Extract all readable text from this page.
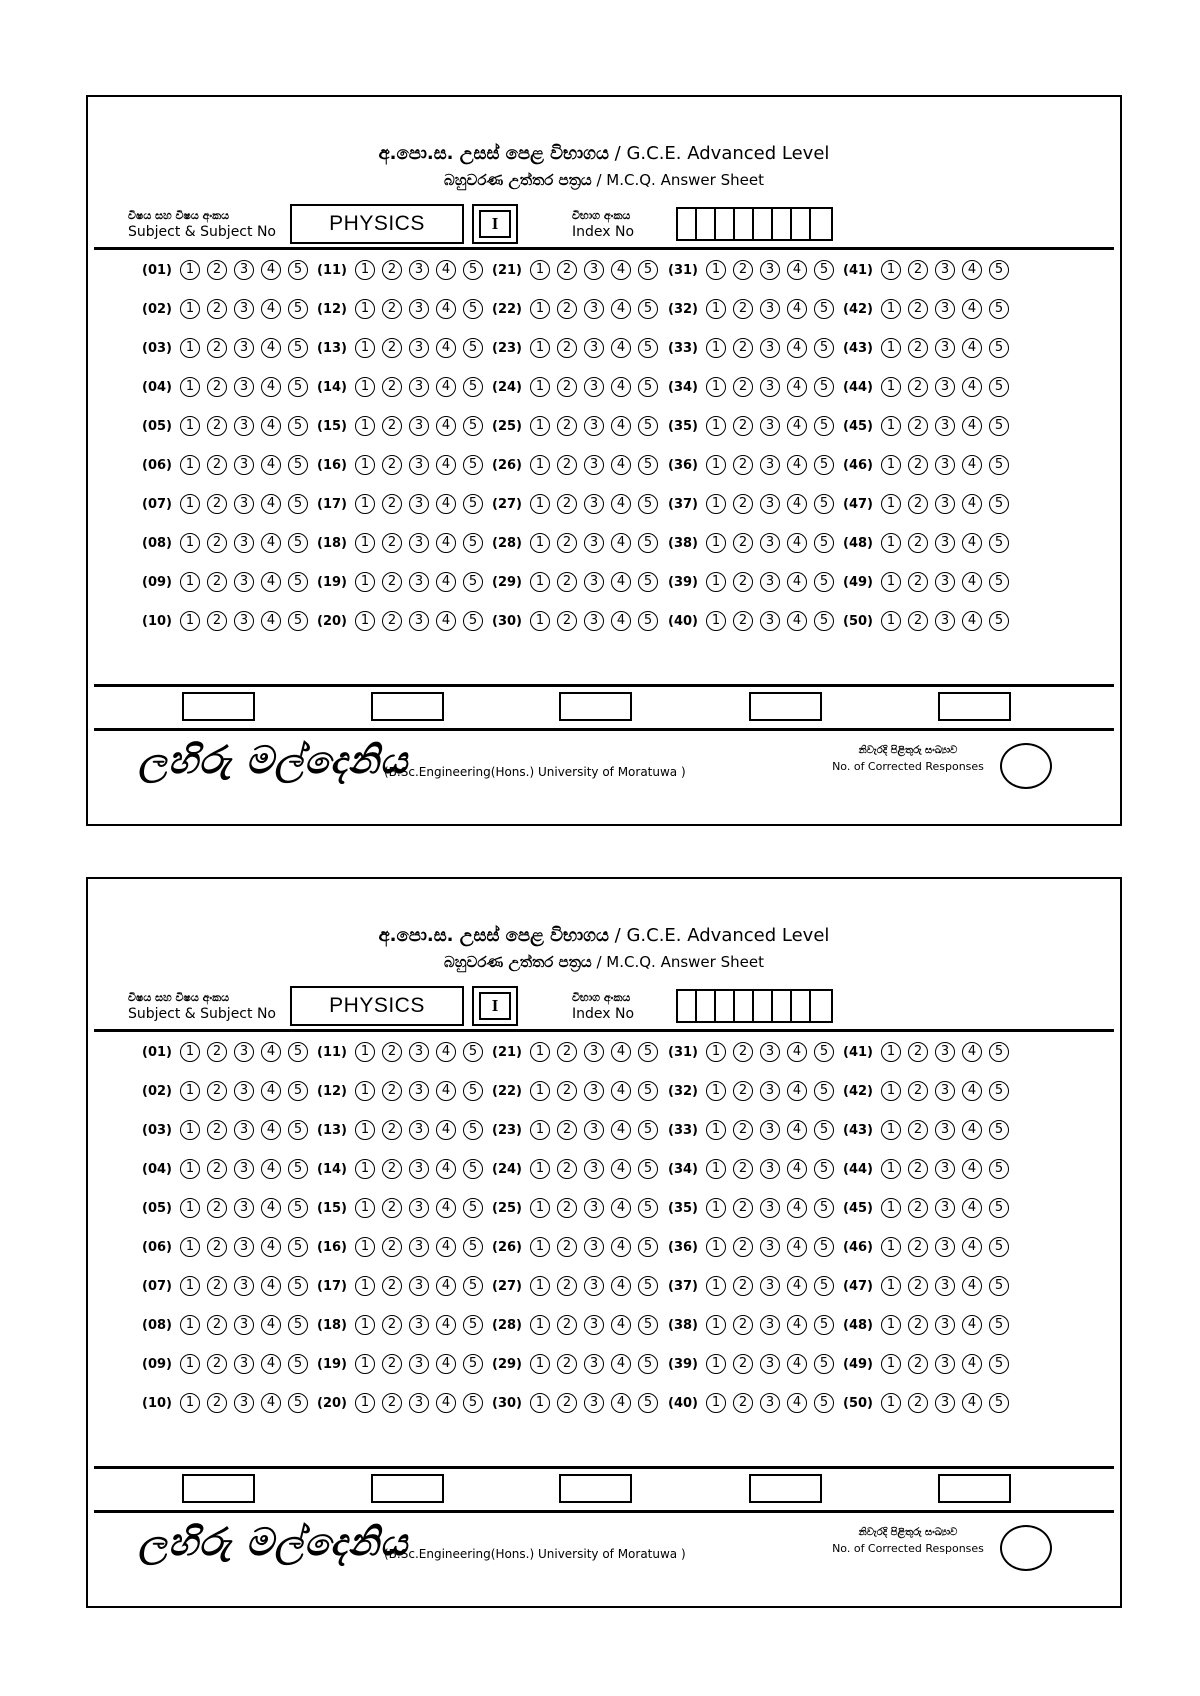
අ.පො.ස. උසස් පෙළ විභාගය / G.C.E. Advanced Level
බහුවරණ උත්තර පත්‍රය / M.C.Q. Answer Sheet
විෂය සහ විෂය අංකය
Subject & Subject No	PHYSICS	I	විභාග අංකය
Index No
(01)	1	2	3	4	5
(02)	1	2	3	4	5
(03)	1	2	3	4	5
(04)	1	2	3	4	5
(05)	1	2	3	4	5
(06)	1	2	3	4	5
(07)	1	2	3	4	5
(08)	1	2	3	4	5
(09)	1	2	3	4	5
(10)	1	2	3	4	5
(11)	1	2	3	4	5
(12)	1	2	3	4	5
(13)	1	2	3	4	5
(14)	1	2	3	4	5
(15)	1	2	3	4	5
(16)	1	2	3	4	5
(17)	1	2	3	4	5
(18)	1	2	3	4	5
(19)	1	2	3	4	5
(20)	1	2	3	4	5
(21)	1	2	3	4	5
(22)	1	2	3	4	5
(23)	1	2	3	4	5
(24)	1	2	3	4	5
(25)	1	2	3	4	5
(26)	1	2	3	4	5
(27)	1	2	3	4	5
(28)	1	2	3	4	5
(29)	1	2	3	4	5
(30)	1	2	3	4	5
(31)	1	2	3	4	5
(32)	1	2	3	4	5
(33)	1	2	3	4	5
(34)	1	2	3	4	5
(35)	1	2	3	4	5
(36)	1	2	3	4	5
(37)	1	2	3	4	5
(38)	1	2	3	4	5
(39)	1	2	3	4	5
(40)	1	2	3	4	5
(41)	1	2	3	4	5
(42)	1	2	3	4	5
(43)	1	2	3	4	5
(44)	1	2	3	4	5
(45)	1	2	3	4	5
(46)	1	2	3	4	5
(47)	1	2	3	4	5
(48)	1	2	3	4	5
(49)	1	2	3	4	5
(50)	1	2	3	4	5
ලහිරු මල්දෙනිය
(B.Sc.Engineering(Hons.) University of Moratuwa )
නිවැරදි පිළිතුරු සංඛ්‍යාව
No. of Corrected Responses
අ.පො.ස. උසස් පෙළ විභාගය / G.C.E. Advanced Level
බහුවරණ උත්තර පත්‍රය / M.C.Q. Answer Sheet
විෂය සහ විෂය අංකය
Subject & Subject No	PHYSICS	I	විභාග අංකය
Index No
(01)	1	2	3	4	5
(02)	1	2	3	4	5
(03)	1	2	3	4	5
(04)	1	2	3	4	5
(05)	1	2	3	4	5
(06)	1	2	3	4	5
(07)	1	2	3	4	5
(08)	1	2	3	4	5
(09)	1	2	3	4	5
(10)	1	2	3	4	5
(11)	1	2	3	4	5
(12)	1	2	3	4	5
(13)	1	2	3	4	5
(14)	1	2	3	4	5
(15)	1	2	3	4	5
(16)	1	2	3	4	5
(17)	1	2	3	4	5
(18)	1	2	3	4	5
(19)	1	2	3	4	5
(20)	1	2	3	4	5
(21)	1	2	3	4	5
(22)	1	2	3	4	5
(23)	1	2	3	4	5
(24)	1	2	3	4	5
(25)	1	2	3	4	5
(26)	1	2	3	4	5
(27)	1	2	3	4	5
(28)	1	2	3	4	5
(29)	1	2	3	4	5
(30)	1	2	3	4	5
(31)	1	2	3	4	5
(32)	1	2	3	4	5
(33)	1	2	3	4	5
(34)	1	2	3	4	5
(35)	1	2	3	4	5
(36)	1	2	3	4	5
(37)	1	2	3	4	5
(38)	1	2	3	4	5
(39)	1	2	3	4	5
(40)	1	2	3	4	5
(41)	1	2	3	4	5
(42)	1	2	3	4	5
(43)	1	2	3	4	5
(44)	1	2	3	4	5
(45)	1	2	3	4	5
(46)	1	2	3	4	5
(47)	1	2	3	4	5
(48)	1	2	3	4	5
(49)	1	2	3	4	5
(50)	1	2	3	4	5
ලහිරු මල්දෙනිය
(B.Sc.Engineering(Hons.) University of Moratuwa )
නිවැරදි පිළිතුරු සංඛ්‍යාව
No. of Corrected Responses
